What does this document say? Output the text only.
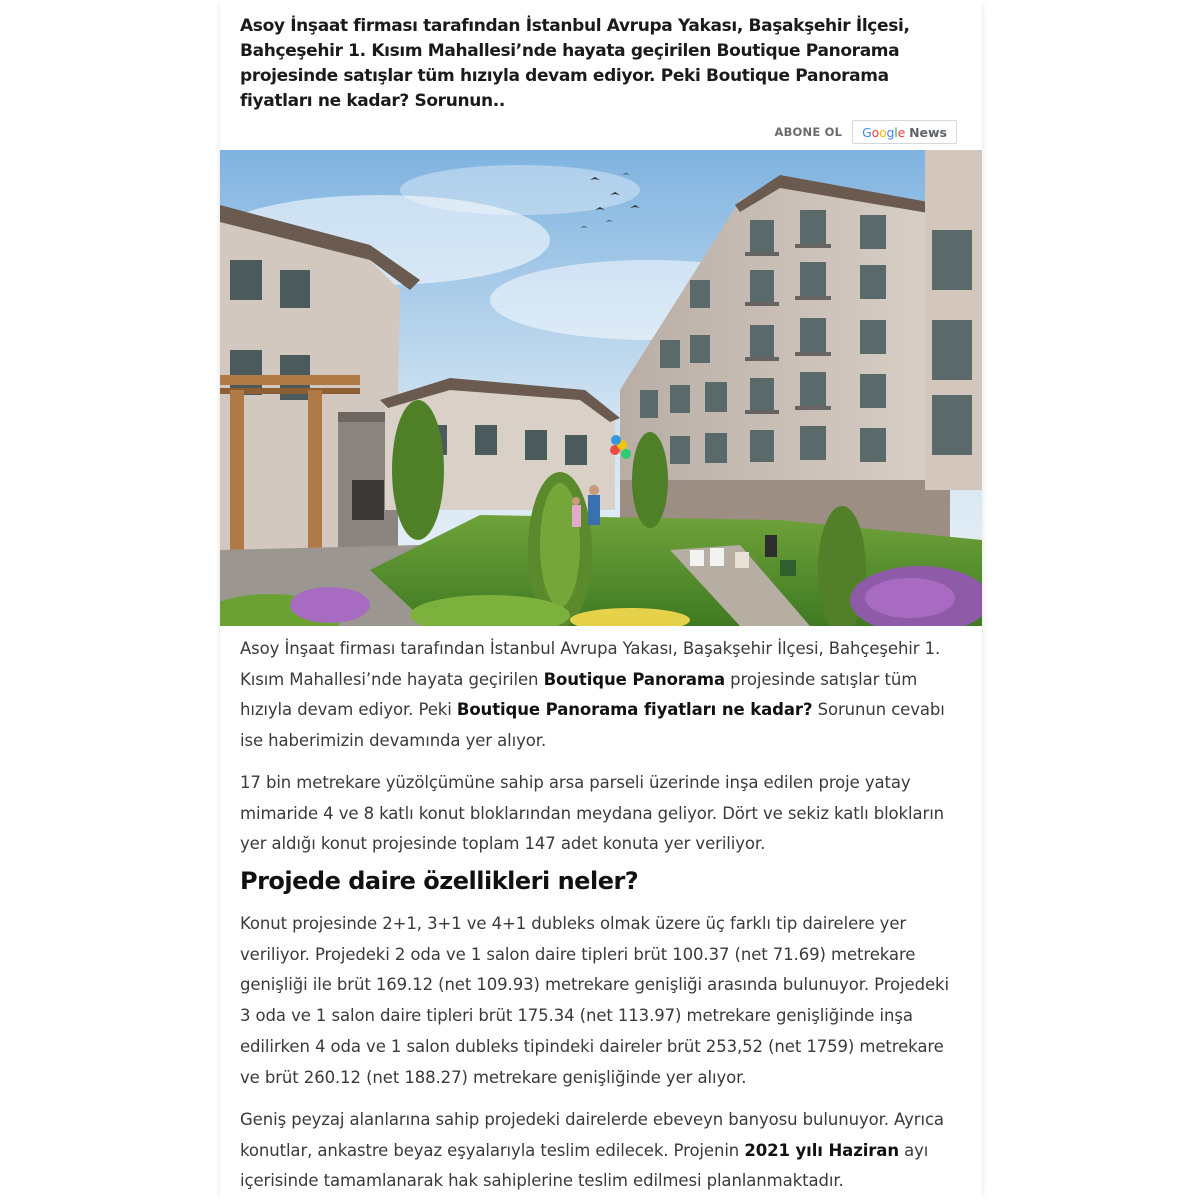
Asoy İnşaat firması tarafından İstanbul Avrupa Yakası, Başakşehir İlçesi, Bahçeşehir 1. Kısım Mahallesi’nde hayata geçirilen Boutique Panorama projesinde satışlar tüm hızıyla devam ediyor. Peki Boutique Panorama fiyatları ne kadar? Sorunun..
ABONE OL Google News
Asoy İnşaat firması tarafından İstanbul Avrupa Yakası, Başakşehir İlçesi, Bahçeşehir 1. Kısım Mahallesi’nde hayata geçirilen Boutique Panorama projesinde satışlar tüm hızıyla devam ediyor. Peki Boutique Panorama fiyatları ne kadar? Sorunun cevabı ise haberimizin devamında yer alıyor.
17 bin metrekare yüzölçümüne sahip arsa parseli üzerinde inşa edilen proje yatay mimaride 4 ve 8 katlı konut bloklarından meydana geliyor. Dört ve sekiz katlı blokların yer aldığı konut projesinde toplam 147 adet konuta yer veriliyor.
Projede daire özellikleri neler?
Konut projesinde 2+1, 3+1 ve 4+1 dubleks olmak üzere üç farklı tip dairelere yer veriliyor. Projedeki 2 oda ve 1 salon daire tipleri brüt 100.37 (net 71.69) metrekare genişliği ile brüt 169.12 (net 109.93) metrekare genişliği arasında bulunuyor. Projedeki 3 oda ve 1 salon daire tipleri brüt 175.34 (net 113.97) metrekare genişliğinde inşa edilirken 4 oda ve 1 salon dubleks tipindeki daireler brüt 253,52 (net 1759) metrekare ve brüt 260.12 (net 188.27) metrekare genişliğinde yer alıyor.
Geniş peyzaj alanlarına sahip projedeki dairelerde ebeveyn banyosu bulunuyor. Ayrıca konutlar, ankastre beyaz eşyalarıyla teslim edilecek. Projenin 2021 yılı Haziran ayı içerisinde tamamlanarak hak sahiplerine teslim edilmesi planlanmaktadır.
